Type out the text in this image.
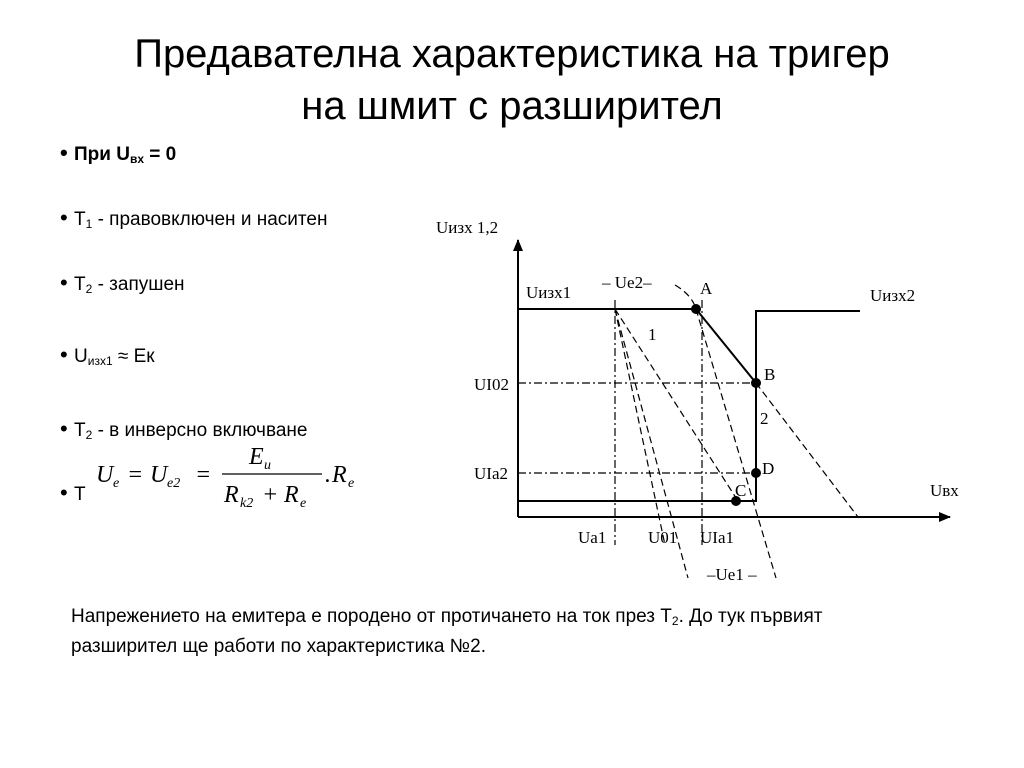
Предавателна характеристика на тригер
на шмит с разширител
• При $U_{вх} = 0$
• $Т_1$ - правовключен и наситен
• $Т_2$ - запушен
• $U_{изх1}$ ≈ Ек
• $Т_2$ - в инверсно включване
• Т
U e = U e2 =
E u
R k2 + R e
. R e
Uизх 1,2
Uвх
Uизх1	Uизх2
– Ue2–	A
B
D
C
1
2
UI02
UIa2
Ua1 U01 UIa1
–Ue1 –
Напрежението на емитера е породено от протичането на ток през $Т_2$. До тук първият
разширител ще работи по характеристика №2.
